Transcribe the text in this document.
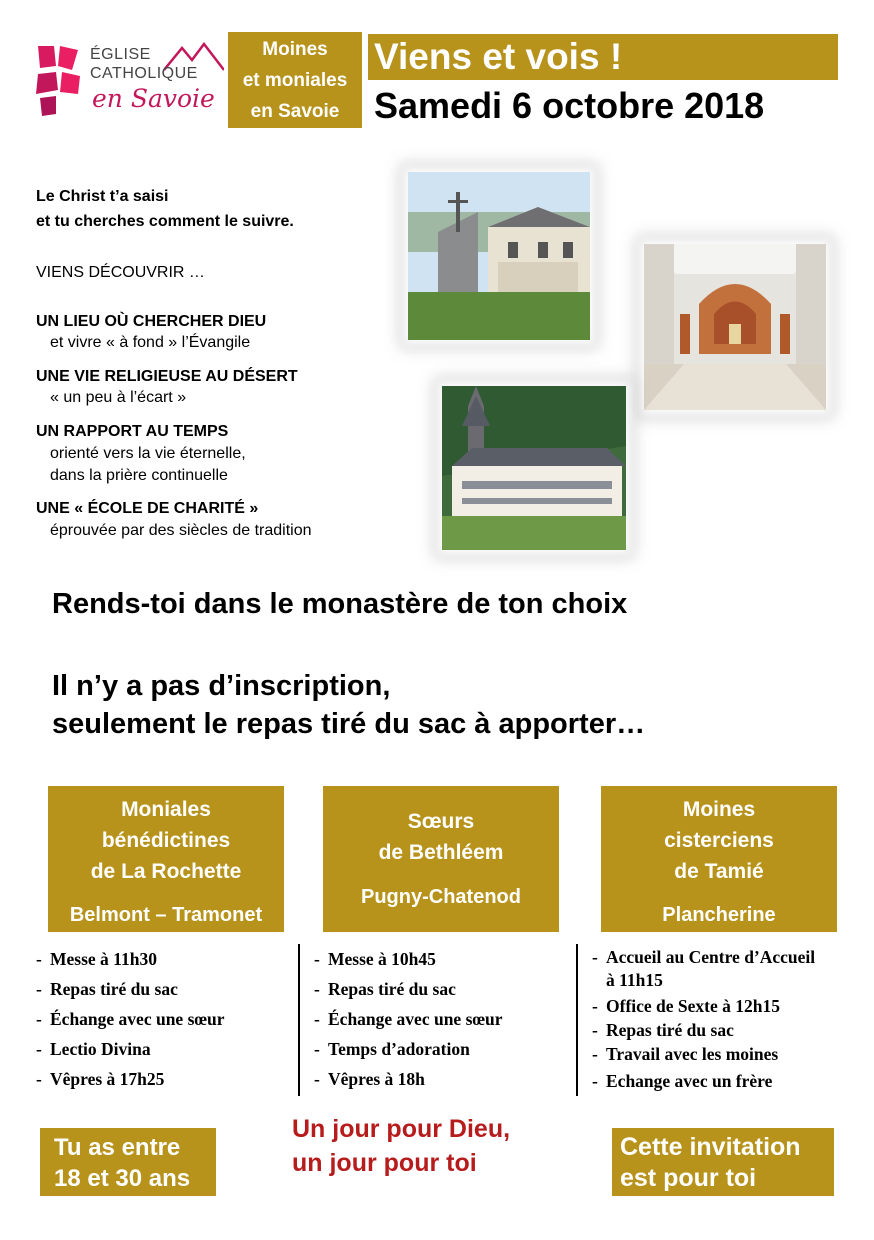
ÉGLISE
CATHOLIQUE
en Savoie
Moines
et moniales
en Savoie
Viens et vois !
Samedi 6 octobre 2018
Le Christ t’a saisi
et tu cherches comment le suivre.
VIENS DÉCOUVRIR …
UN LIEU OÙ CHERCHER DIEU
et vivre « à fond » l’Évangile
UNE VIE RELIGIEUSE AU DÉSERT
« un peu à l’écart »
UN RAPPORT AU TEMPS
orienté vers la vie éternelle,
dans la prière continuelle
UNE « ÉCOLE DE CHARITÉ »
éprouvée par des siècles de tradition
Rends-toi dans le monastère de ton choix
Il n’y a pas d’inscription,
seulement le repas tiré du sac à apporter…
Moniales
bénédictines
de La Rochette
Belmont – Tramonet
Sœurs
de Bethléem
Pugny-Chatenod
Moines
cisterciens
de Tamié
Plancherine
- Messe à 11h30
- Repas tiré du sac
- Échange avec une sœur
- Lectio Divina
- Vêpres à 17h25
- Messe à 10h45
- Repas tiré du sac
- Échange avec une sœur
- Temps d’adoration
- Vêpres à 18h
- Accueil au Centre d’Accueil à 11h15
- Office de Sexte à 12h15
- Repas tiré du sac
- Travail avec les moines
- Echange avec un frère
Tu as entre
18 et 30 ans
Un jour pour Dieu,
un jour pour toi
Cette invitation
est pour toi
